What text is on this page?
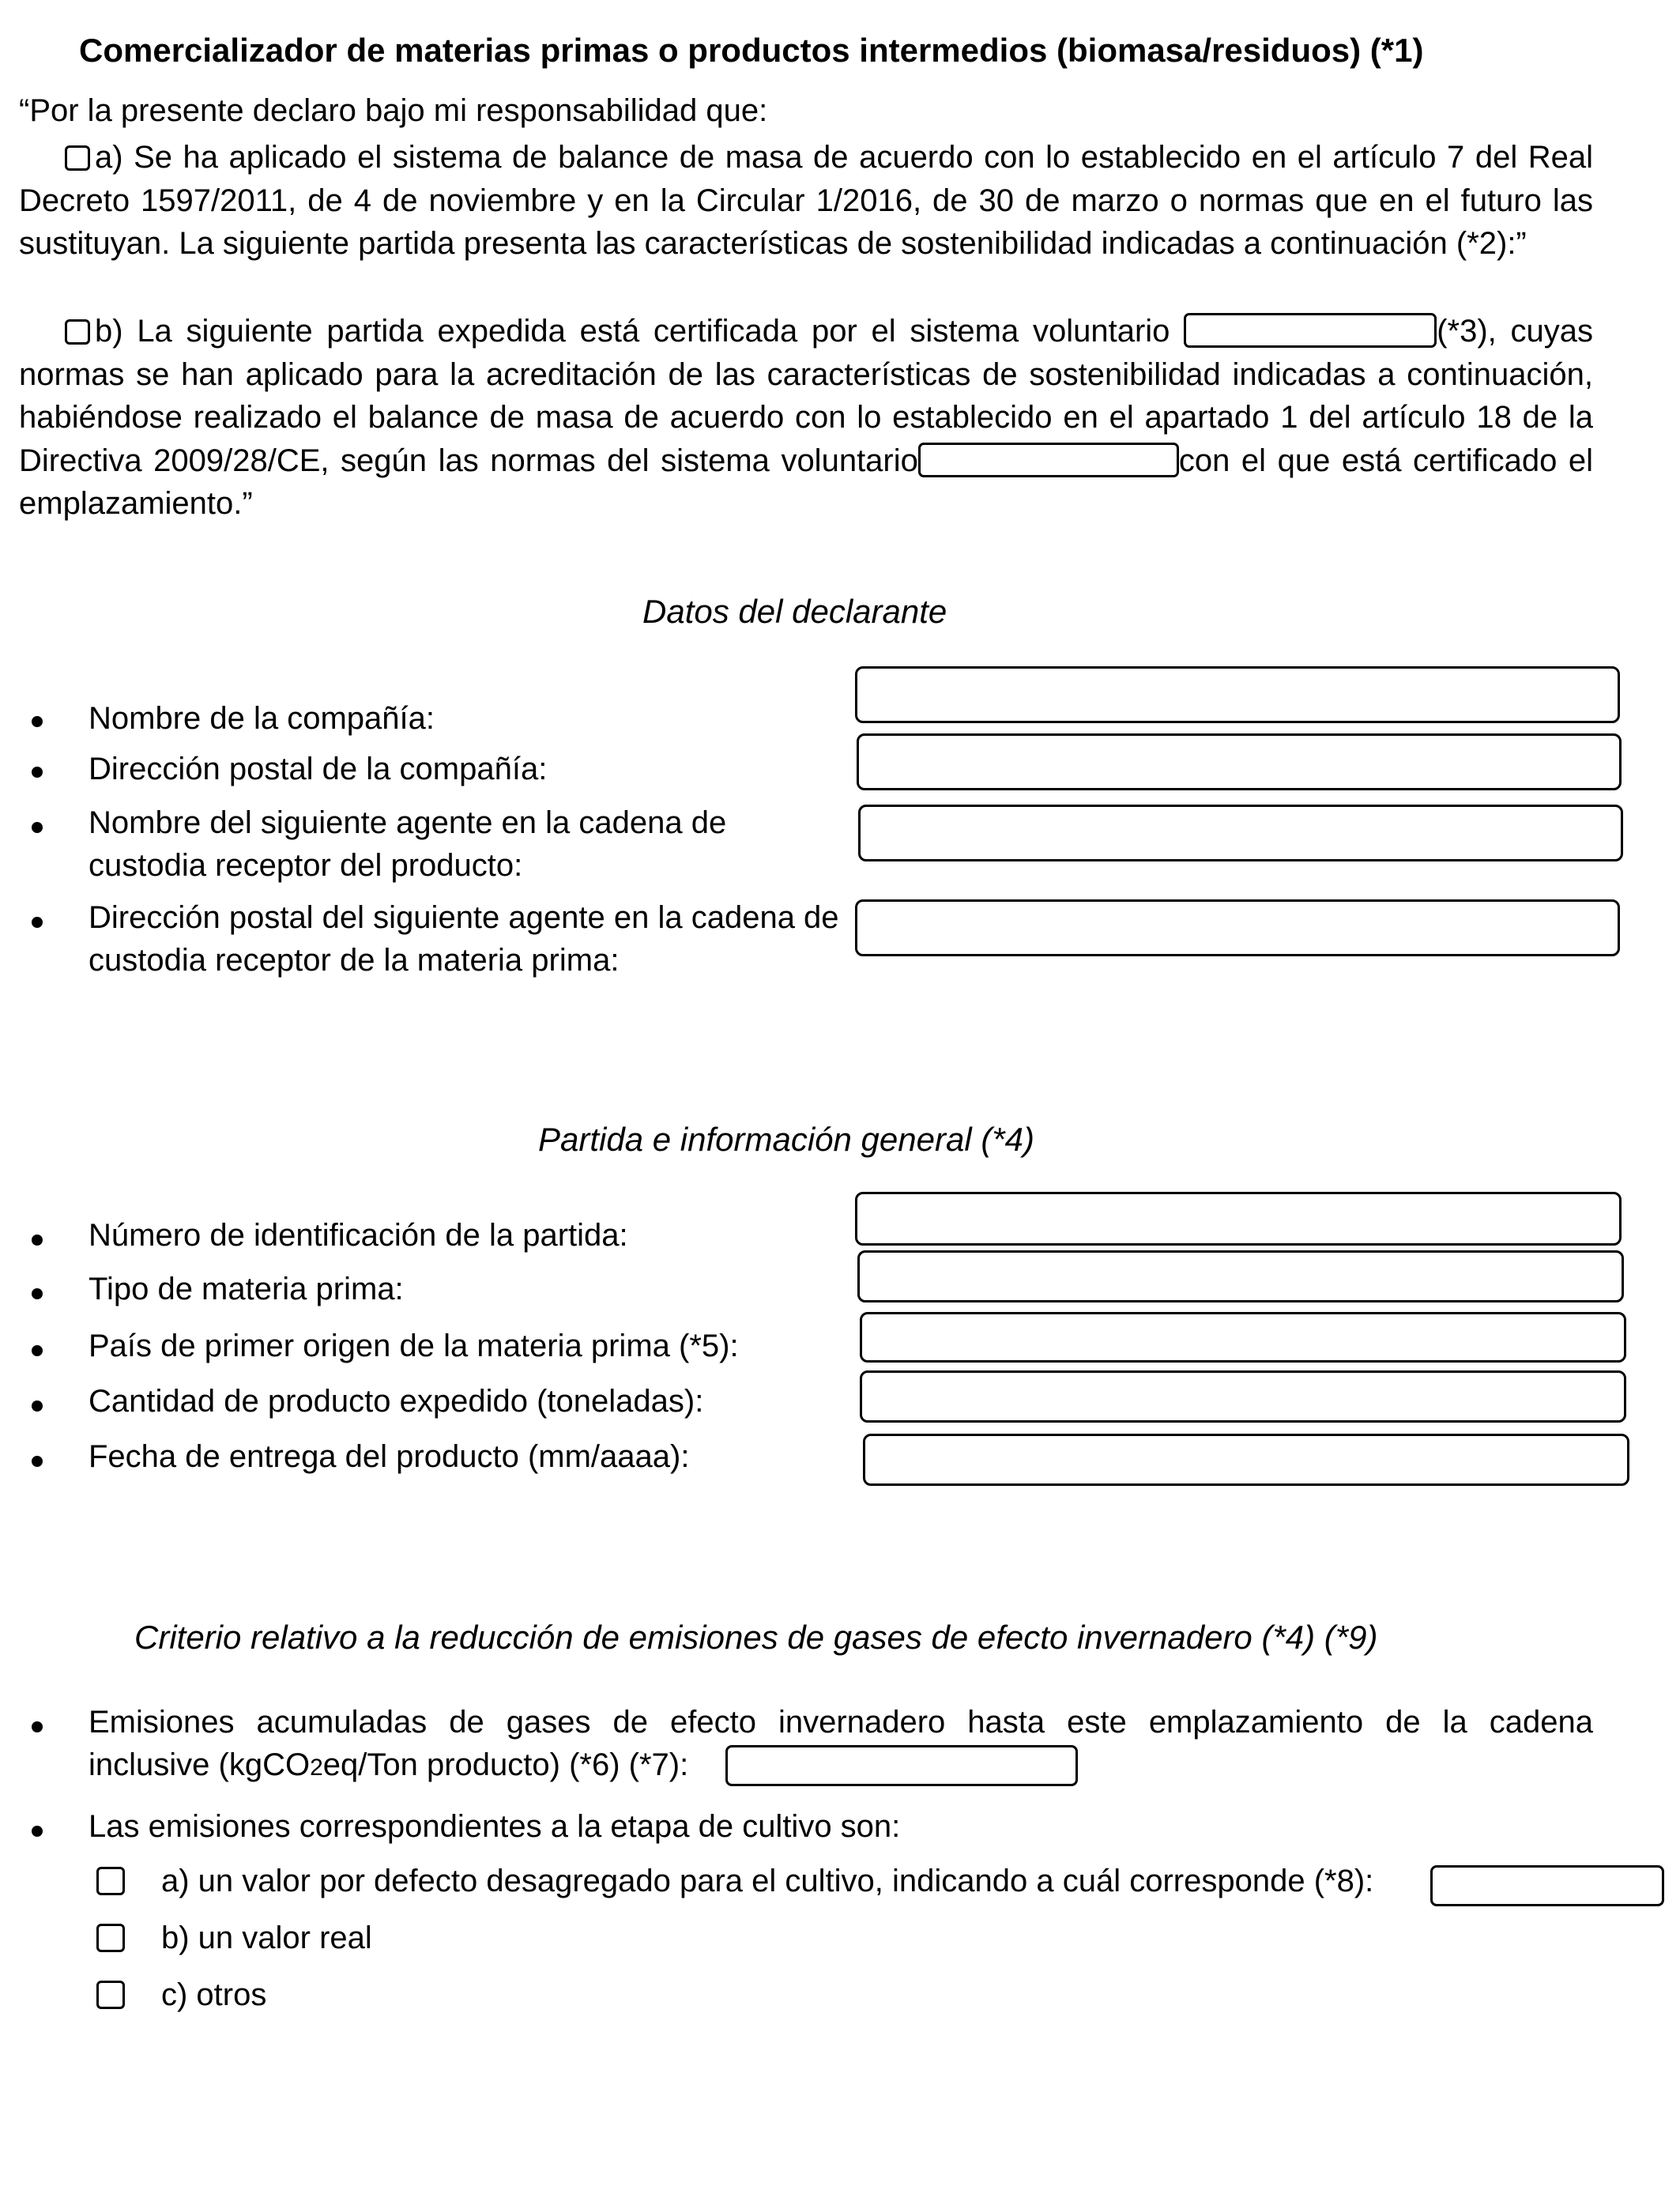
Comercializador de materias primas o productos intermedios (biomasa/residuos) (*1)
“Por la presente declaro bajo mi responsabilidad que:
a) Se ha aplicado el sistema de balance de masa de acuerdo con lo establecido en el artículo 7 del Real Decreto 1597/2011, de 4 de noviembre y en la Circular 1/2016, de 30 de marzo o normas que en el futuro las sustituyan. La siguiente partida presenta las características de sostenibilidad indicadas a continuación (*2):”
b) La siguiente partida expedida está certificada por el sistema voluntario	(*3), cuyas normas se han aplicado para la acreditación de las características de sostenibilidad indicadas a continuación, habiéndose realizado el balance de masa de acuerdo con lo establecido en el apartado 1 del artículo 18 de la Directiva 2009/28/CE, según las normas del sistema voluntario	con el que está certificado el emplazamiento.”
Datos del declarante
Nombre de la compañía:
Dirección postal de la compañía:
Nombre del siguiente agente en la cadena de custodia receptor del producto:
Dirección postal del siguiente agente en la cadena de custodia receptor de la materia prima:
Partida e información general (*4)
Número de identificación de la partida:
Tipo de materia prima:
País de primer origen de la materia prima (*5):
Cantidad de producto expedido (toneladas):
Fecha de entrega del producto (mm/aaaa):
Criterio relativo a la reducción de emisiones de gases de efecto invernadero (*4) (*9)
Emisiones acumuladas de gases de efecto invernadero hasta este emplazamiento de la cadena
inclusive (kgCO2eq/Ton producto) (*6) (*7):
Las emisiones correspondientes a la etapa de cultivo son:
a) un valor por defecto desagregado para el cultivo, indicando a cuál corresponde (*8):
b) un valor real
c) otros
